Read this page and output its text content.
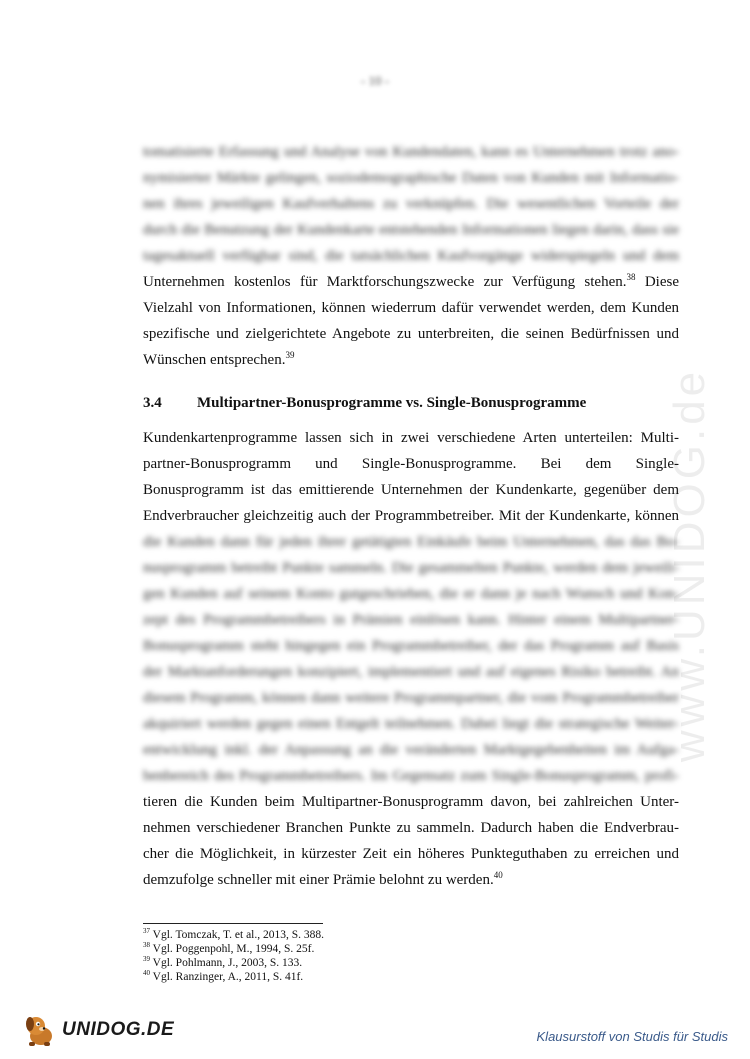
- 10 -
tomatisierte Erfassung und Analyse von Kundendaten, kann es Unternehmen trotz ano-
nymisierter Märkte gelingen, soziodemographische Daten von Kunden mit Informatio-
nen ihres jeweiligen Kaufverhaltens zu verknüpfen. Die wesentlichen Vorteile der
durch die Benutzung der Kundenkarte entstehenden Informationen liegen darin, dass sie
tagesaktuell verfügbar sind, die tatsächlichen Kaufvorgänge widerspiegeln und dem
Unternehmen kostenlos für Marktforschungszwecke zur Verfügung stehen.$^{38}$ Diese
Vielzahl von Informationen, können wiederrum dafür verwendet werden, dem Kunden
spezifische und zielgerichtete Angebote zu unterbreiten, die seinen Bedürfnissen und
Wünschen entsprechen.$^{39}$
3.4 Multipartner-Bonusprogramme vs. Single-Bonusprogramme
Kundenkartenprogramme lassen sich in zwei verschiedene Arten unterteilen: Multi-
partner-Bonusprogramm und Single-Bonusprogramme. Bei dem Single-
Bonusprogramm ist das emittierende Unternehmen der Kundenkarte, gegenüber dem
Endverbraucher gleichzeitig auch der Programmbetreiber. Mit der Kundenkarte, können
die Kunden dann für jeden ihrer getätigten Einkäufe beim Unternehmen, das das Bo-
nusprogramm betreibt Punkte sammeln. Die gesammelten Punkte, werden dem jeweili-
gen Kunden auf seinem Konto gutgeschrieben, die er dann je nach Wunsch und Kon-
zept des Programmbetreibers in Prämien einlösen kann. Hinter einem Multipartner-
Bonusprogramm steht hingegen ein Programmbetreiber, der das Programm auf Basis
der Marktanforderungen konzipiert, implementiert und auf eigenes Risiko betreibt. An
diesem Programm, können dann weitere Programmpartner, die vom Programmbetreiber
akquiriert werden gegen einen Entgelt teilnehmen. Dabei liegt die strategische Weiter-
entwicklung inkl. der Anpassung an die veränderten Marktgegebenheiten im Aufga-
benbereich des Programmbetreibers. Im Gegensatz zum Single-Bonusprogramm, profi-
tieren die Kunden beim Multipartner-Bonusprogramm davon, bei zahlreichen Unter-
nehmen verschiedener Branchen Punkte zu sammeln. Dadurch haben die Endverbrau-
cher die Möglichkeit, in kürzester Zeit ein höheres Punkteguthaben zu erreichen und
demzufolge schneller mit einer Prämie belohnt zu werden.$^{40}$
$^{37}$ Vgl. Tomczak, T. et al., 2013, S. 388.
$^{38}$ Vgl. Poggenpohl, M., 1994, S. 25f.
$^{39}$ Vgl. Pohlmann, J., 2003, S. 133.
$^{40}$ Vgl. Ranzinger, A., 2011, S. 41f.
www.UNIDOG.de
UNIDOG.DE	Klausurstoff von Studis für Studis
